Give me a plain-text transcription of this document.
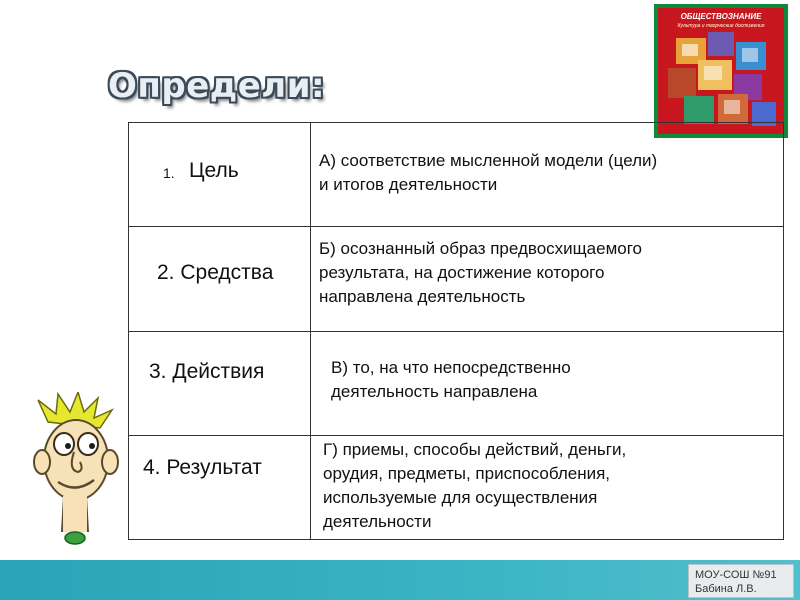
Определи:
ОБЩЕСТВОЗНАНИЕ
Культура и творческие достижения
1. Цель	А) соответствие мысленной модели (цели)
и итогов деятельности
2. Средства
Б) осознанный образ предвосхищаемого
результата, на достижение которого
направлена деятельность
3. Действия	В) то, на что непосредственно
деятельность направлена
4. Результат
Г) приемы, способы действий, деньги,
орудия, предметы, приспособления,
используемые для осуществления
деятельности
МОУ-СОШ №91
Бабина Л.В.
